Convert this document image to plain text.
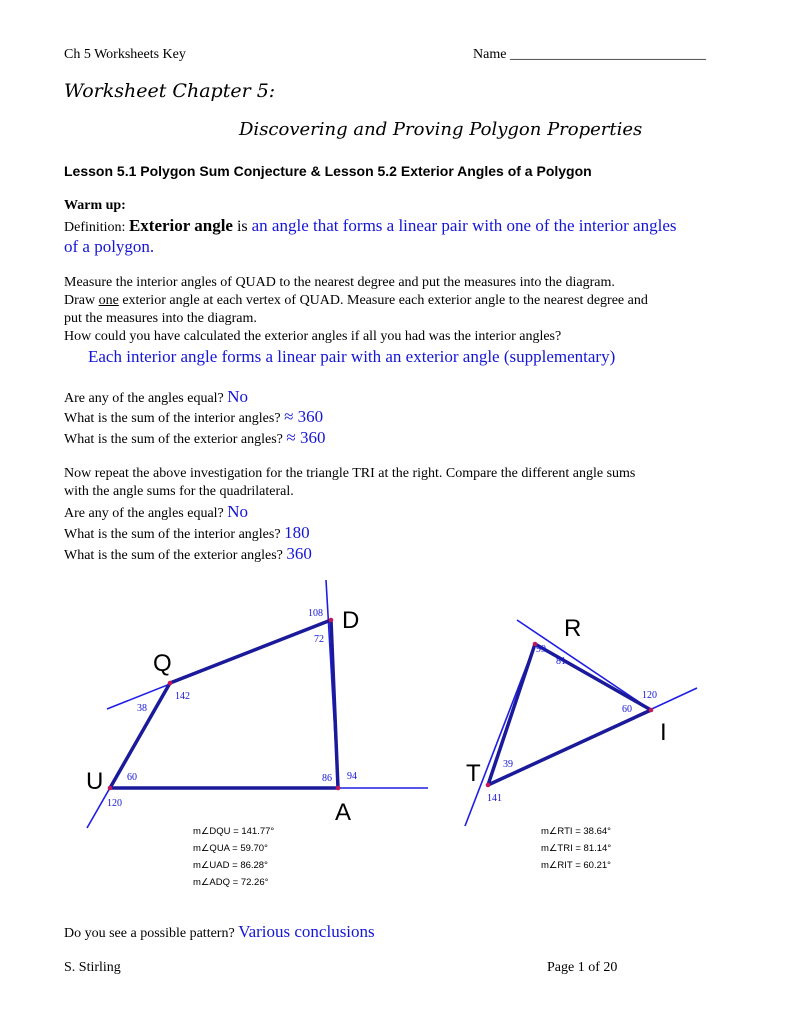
Ch 5 Worksheets Key	Name ____________________________
Worksheet Chapter 5:
Discovering and Proving Polygon Properties
Lesson 5.1 Polygon Sum Conjecture & Lesson 5.2 Exterior Angles of a Polygon
Warm up:
Definition: Exterior angle is an angle that forms a linear pair with one of the interior angles
of a polygon.
Measure the interior angles of QUAD to the nearest degree and put the measures into the diagram.
Draw one exterior angle at each vertex of QUAD. Measure each exterior angle to the nearest degree and
put the measures into the diagram.
How could you have calculated the exterior angles if all you had was the interior angles?
Each interior angle forms a linear pair with an exterior angle (supplementary)
Are any of the angles equal? No
What is the sum of the interior angles? ≈ 360
What is the sum of the exterior angles? ≈ 360
Now repeat the above investigation for the triangle TRI at the right. Compare the different angle sums
with the angle sums for the quadrilateral.
Are any of the angles equal? No
What is the sum of the interior angles? 180
What is the sum of the exterior angles? 360
Q
U
A
D
108
72
142
38
60
120
86 94
R
I
T
99
81
120
60
39
141
m∠DQU = 141.77°
m∠QUA = 59.70°
m∠UAD = 86.28°
m∠ADQ = 72.26°
m∠RTI = 38.64°
m∠TRI = 81.14°
m∠RIT = 60.21°
Do you see a possible pattern? Various conclusions
S. Stirling	Page 1 of 20
